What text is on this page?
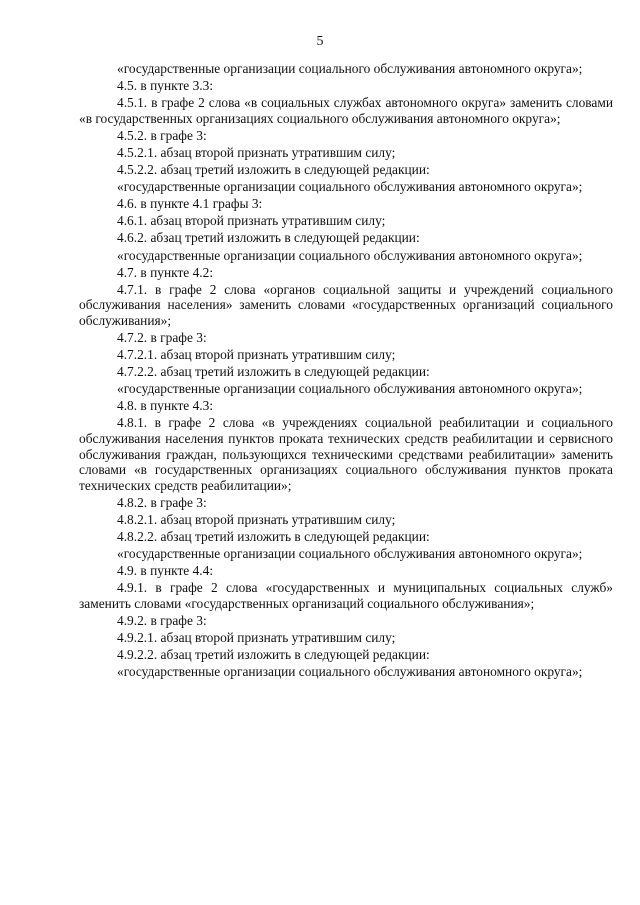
5

«государственные организации социального обслуживания автономного округа»;

4.5. в пункте 3.3:

4.5.1. в графе 2 слова «в социальных службах автономного округа» заменить словами «в государственных организациях социального обслуживания автономного округа»;

4.5.2. в графе 3:

4.5.2.1. абзац второй признать утратившим силу;

4.5.2.2. абзац третий изложить в следующей редакции:

«государственные организации социального обслуживания автономного округа»;

4.6. в пункте 4.1 графы 3:

4.6.1. абзац второй признать утратившим силу;

4.6.2. абзац третий изложить в следующей редакции:

«государственные организации социального обслуживания автономного округа»;

4.7. в пункте 4.2:

4.7.1. в графе 2 слова «органов социальной защиты и учреждений социального обслуживания населения» заменить словами «государственных организаций социального обслуживания»;

4.7.2. в графе 3:

4.7.2.1. абзац второй признать утратившим силу;

4.7.2.2. абзац третий изложить в следующей редакции:

«государственные организации социального обслуживания автономного округа»;

4.8. в пункте 4.3:

4.8.1. в графе 2 слова «в учреждениях социальной реабилитации и социального обслуживания населения пунктов проката технических средств реабилитации и сервисного обслуживания граждан, пользующихся техническими средствами реабилитации» заменить словами «в государственных организациях социального обслуживания пунктов проката технических средств реабилитации»;

4.8.2. в графе 3:

4.8.2.1. абзац второй признать утратившим силу;

4.8.2.2. абзац третий изложить в следующей редакции:

«государственные организации социального обслуживания автономного округа»;

4.9. в пункте 4.4:

4.9.1. в графе 2 слова «государственных и муниципальных социальных служб» заменить словами «государственных организаций социального обслуживания»;

4.9.2. в графе 3:

4.9.2.1. абзац второй признать утратившим силу;

4.9.2.2. абзац третий изложить в следующей редакции:

«государственные организации социального обслуживания автономного округа»;
